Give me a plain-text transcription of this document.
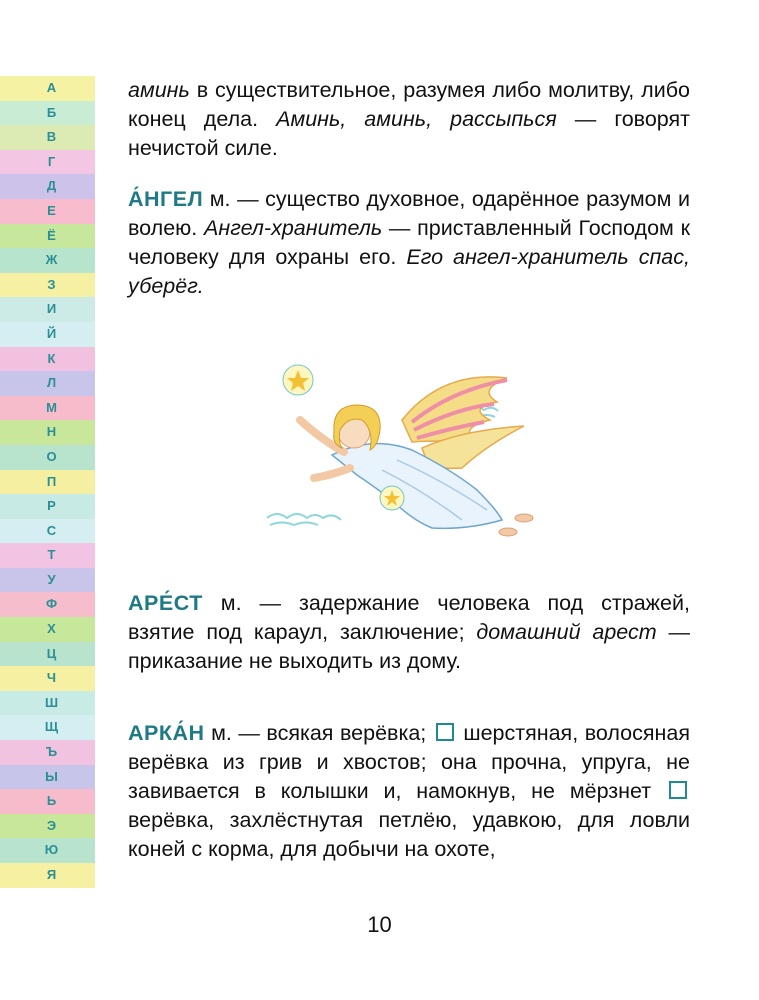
А
Б
В
Г
Д
Е
Ё
Ж
З
И
Й
К
Л
М
Н
О
П
Р
С
Т
У
Ф
Х
Ц
Ч
Ш
Щ
Ъ
Ы
Ь
Э
Ю
Я

аминь в существительное, разумея либо молитву, либо конец дела. Аминь, аминь, рассыпься — говорят нечистой силе.

А́НГЕЛ м. — существо духовное, одарённое разумом и волею. Ангел-хранитель — приставленный Господом к человеку для охраны его. Его ангел-хранитель спас, уберёг.

АРЕ́СТ м. — задержание человека под стражей, взятие под караул, заключение; домашний арест — приказание не выходить из дому.

АРКА́Н м. — всякая верёвка;  шерстяная, волосяная верёвка из грив и хвостов; она прочна, упруга, не завивается в колышки и, намокнув, не мёрзнет  верёвка, захлёстнутая петлёю, удавкою, для ловли коней с корма, для добычи на охоте,

10
